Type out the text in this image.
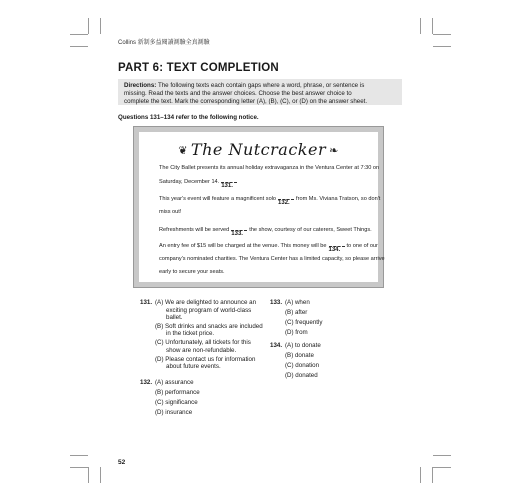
Collins 新制多益閱讀測驗全真測驗
PART 6: TEXT COMPLETION
Directions: The following texts each contain gaps where a word, phrase, or sentence is
missing. Read the texts and the answer choices. Choose the best answer choice to
complete the text. Mark the corresponding letter (A), (B), (C), or (D) on the answer sheet.
Questions 131–134 refer to the following notice.
❦ The Nutcracker ❧
The City Ballet presents its annual holiday extravaganza in the Ventura Center at 7:30 on
Saturday, December 14.
131.
This year's event will feature a magnificent solo
132.
from Ms. Viviana Tratson, so don't
miss out!
Refreshments will be served
133.
the show, courtesy of our caterers, Sweet Things.
An entry fee of $15 will be charged at the venue. This money will be
134.
to one of our
company's nominated charities. The Ventura Center has a limited capacity, so please arrive
early to secure your seats.
131. (A) We are delighted to announce an
exciting program of world-class
ballet.
(B) Soft drinks and snacks are included
in the ticket price.
(C) Unfortunately, all tickets for this
show are non-refundable.
(D) Please contact us for information
about future events.
132. (A) assurance
(B) performance
(C) significance
(D) insurance
133. (A) when
(B) after
(C) frequently
(D) from
134. (A) to donate
(B) donate
(C) donation
(D) donated
52
